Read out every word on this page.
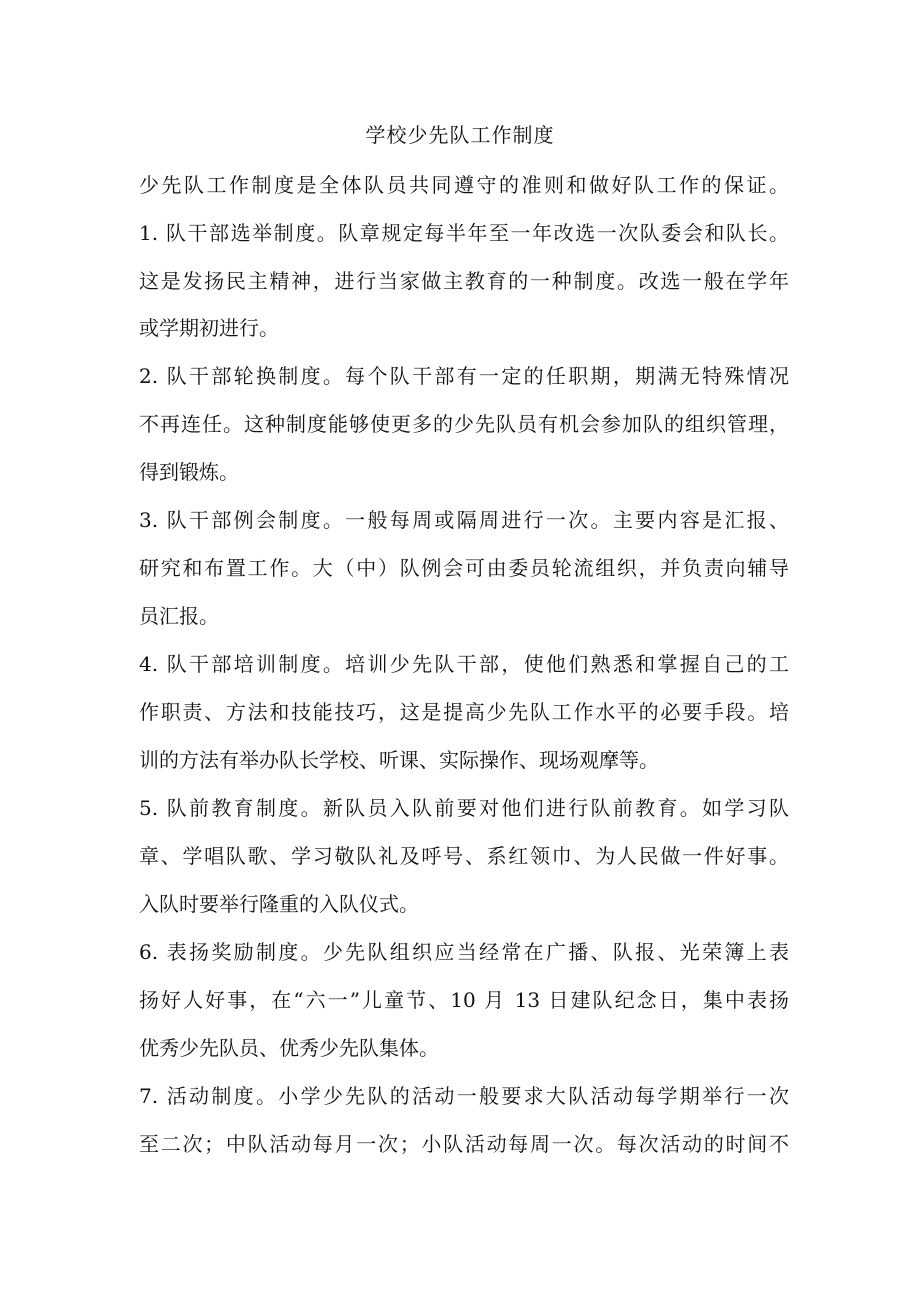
学校少先队工作制度
少先队工作制度是全体队员共同遵守的准则和做好队工作的保证。
1. 队干部选举制度。队章规定每半年至一年改选一次队委会和队长。
这是发扬民主精神，进行当家做主教育的一种制度。改选一般在学年
或学期初进行。
2. 队干部轮换制度。每个队干部有一定的任职期，期满无特殊情况
不再连任。这种制度能够使更多的少先队员有机会参加队的组织管理，
得到锻炼。
3. 队干部例会制度。一般每周或隔周进行一次。主要内容是汇报、
研究和布置工作。大（中）队例会可由委员轮流组织，并负责向辅导
员汇报。
4. 队干部培训制度。培训少先队干部，使他们熟悉和掌握自己的工
作职责、方法和技能技巧，这是提高少先队工作水平的必要手段。培
训的方法有举办队长学校、听课、实际操作、现场观摩等。
5. 队前教育制度。新队员入队前要对他们进行队前教育。如学习队
章、学唱队歌、学习敬队礼及呼号、系红领巾、为人民做一件好事。
入队时要举行隆重的入队仪式。
6. 表扬奖励制度。少先队组织应当经常在广播、队报、光荣簿上表
扬好人好事，在“六一”儿童节、10 月 13 日建队纪念日，集中表扬
优秀少先队员、优秀少先队集体。
7. 活动制度。小学少先队的活动一般要求大队活动每学期举行一次
至二次；中队活动每月一次；小队活动每周一次。每次活动的时间不
